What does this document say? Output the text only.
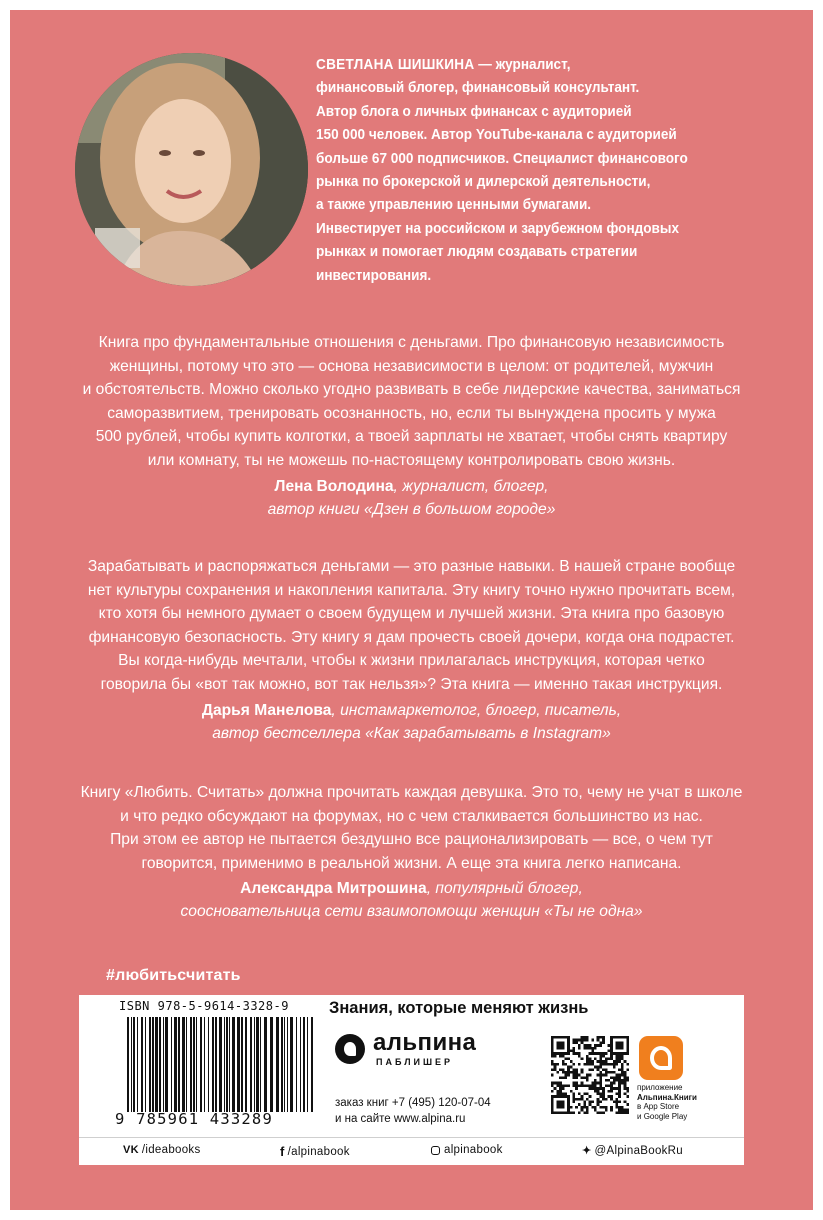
СВЕТЛАНА ШИШКИНА — журналист,
финансовый блогер, финансовый консультант.
Автор блога о личных финансах с аудиторией
150 000 человек. Автор YouTube-канала с аудиторией
больше 67 000 подписчиков. Специалист финансового
рынка по брокерской и дилерской деятельности,
а также управлению ценными бумагами.
Инвестирует на российском и зарубежном фондовых
рынках и помогает людям создавать стратегии
инвестирования.

Книга про фундаментальные отношения с деньгами. Про финансовую независимость

женщины, потому что это — основа независимости в целом: от родителей, мужчин

и обстоятельств. Можно сколько угодно развивать в себе лидерские качества, заниматься

саморазвитием, тренировать осознанность, но, если ты вынуждена просить у мужа

500 рублей, чтобы купить колготки, а твоей зарплаты не хватает, чтобы снять квартиру

или комнату, ты не можешь по-настоящему контролировать свою жизнь.

Лена Володина, журналист, блогер,

автор книги «Дзен в большом городе»

Зарабатывать и распоряжаться деньгами — это разные навыки. В нашей стране вообще

нет культуры сохранения и накопления капитала. Эту книгу точно нужно прочитать всем,

кто хотя бы немного думает о своем будущем и лучшей жизни. Эта книга про базовую

финансовую безопасность. Эту книгу я дам прочесть своей дочери, когда она подрастет.

Вы когда-нибудь мечтали, чтобы к жизни прилагалась инструкция, которая четко

говорила бы «вот так можно, вот так нельзя»? Эта книга — именно такая инструкция.

Дарья Манелова, инстамаркетолог, блогер, писатель,

автор бестселлера «Как зарабатывать в Instagram»

Книгу «Любить. Считать» должна прочитать каждая девушка. Это то, чему не учат в школе

и что редко обсуждают на форумах, но с чем сталкивается большинство из нас.

При этом ее автор не пытается бездушно все рационализировать — все, о чем тут

говорится, применимо в реальной жизни. А еще эта книга легко написана.

Александра Митрошина, популярный блогер,

соосновательница сети взаимопомощи женщин «Ты не одна»

#любитьсчитать
ISBN 978-5-9614-3328-9
9 785961 433289
Знания, которые меняют жизнь
альпина
ПАБЛИШЕР
заказ книг +7 (495) 120-07-04
и на сайте www.alpina.ru
приложение
Альпина.Книги
в App Store
и Google Play
VK /ideabooks	f /alpinabook	alpinabook	✦ @AlpinaBookRu
